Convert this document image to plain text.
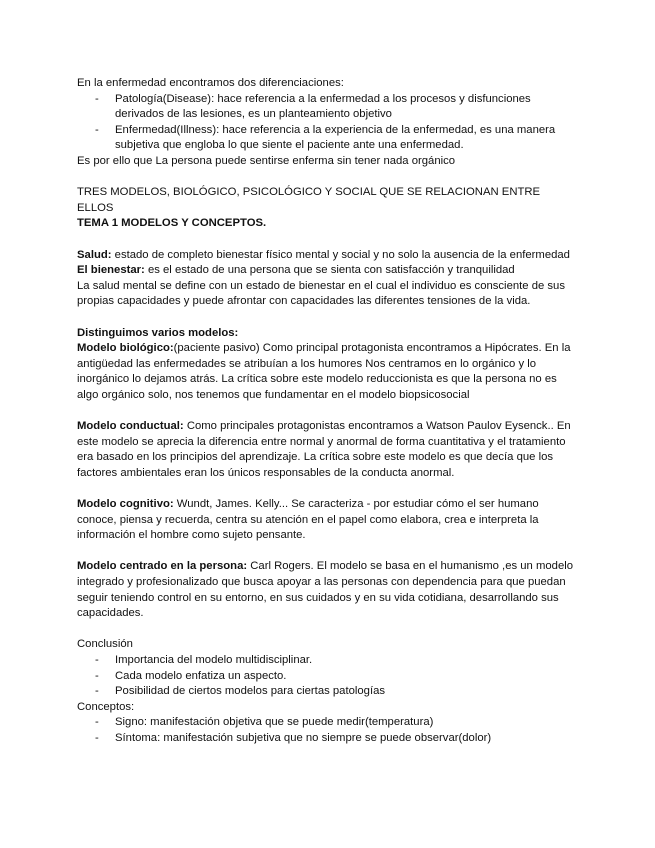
En la enfermedad encontramos dos diferenciaciones:

- Patología(Disease): hace referencia a la enfermedad a los procesos y disfunciones derivados de las lesiones, es un planteamiento objetivo
- Enfermedad(Illness): hace referencia a la experiencia de la enfermedad, es una manera subjetiva que engloba lo que siente el paciente ante una enfermedad.

Es por ello que La persona puede sentirse enferma sin tener nada orgánico

TRES MODELOS, BIOLÓGICO, PSICOLÓGICO Y SOCIAL QUE SE RELACIONAN ENTRE ELLOS

TEMA 1 MODELOS Y CONCEPTOS.

Salud: estado de completo bienestar físico mental y social y no solo la ausencia de la enfermedad

El bienestar: es el estado de una persona que se sienta con satisfacción y tranquilidad

La salud mental se define con un estado de bienestar en el cual el individuo es consciente de sus propias capacidades y puede afrontar con capacidades las diferentes tensiones de la vida.

Distinguimos varios modelos:

Modelo biológico:(paciente pasivo) Como principal protagonista encontramos a Hipócrates. En la antigüedad las enfermedades se atribuían a los humores Nos centramos en lo orgánico y lo inorgánico lo dejamos atrás. La crítica sobre este modelo reduccionista es que la persona no es algo orgánico solo, nos tenemos que fundamentar en el modelo biopsicosocial

Modelo conductual: Como principales protagonistas encontramos a Watson Paulov Eysenck.. En este modelo se aprecia la diferencia entre normal y anormal de forma cuantitativa y el tratamiento era basado en los principios del aprendizaje. La crítica sobre este modelo es que decía que los factores ambientales eran los únicos responsables de la conducta anormal.

Modelo cognitivo: Wundt, James. Kelly... Se caracteriza - por estudiar cómo el ser humano conoce, piensa y recuerda, centra su atención en el papel como elabora, crea e interpreta la información el hombre como sujeto pensante.

Modelo centrado en la persona: Carl Rogers. El modelo se basa en el humanismo ,es un modelo integrado y profesionalizado que busca apoyar a las personas con dependencia para que puedan seguir teniendo control en su entorno, en sus cuidados y en su vida cotidiana, desarrollando sus capacidades.

Conclusión

- Importancia del modelo multidisciplinar.
- Cada modelo enfatiza un aspecto.
- Posibilidad de ciertos modelos para ciertas patologías

Conceptos:

- Signo: manifestación objetiva que se puede medir(temperatura)
- Síntoma: manifestación subjetiva que no siempre se puede observar(dolor)
